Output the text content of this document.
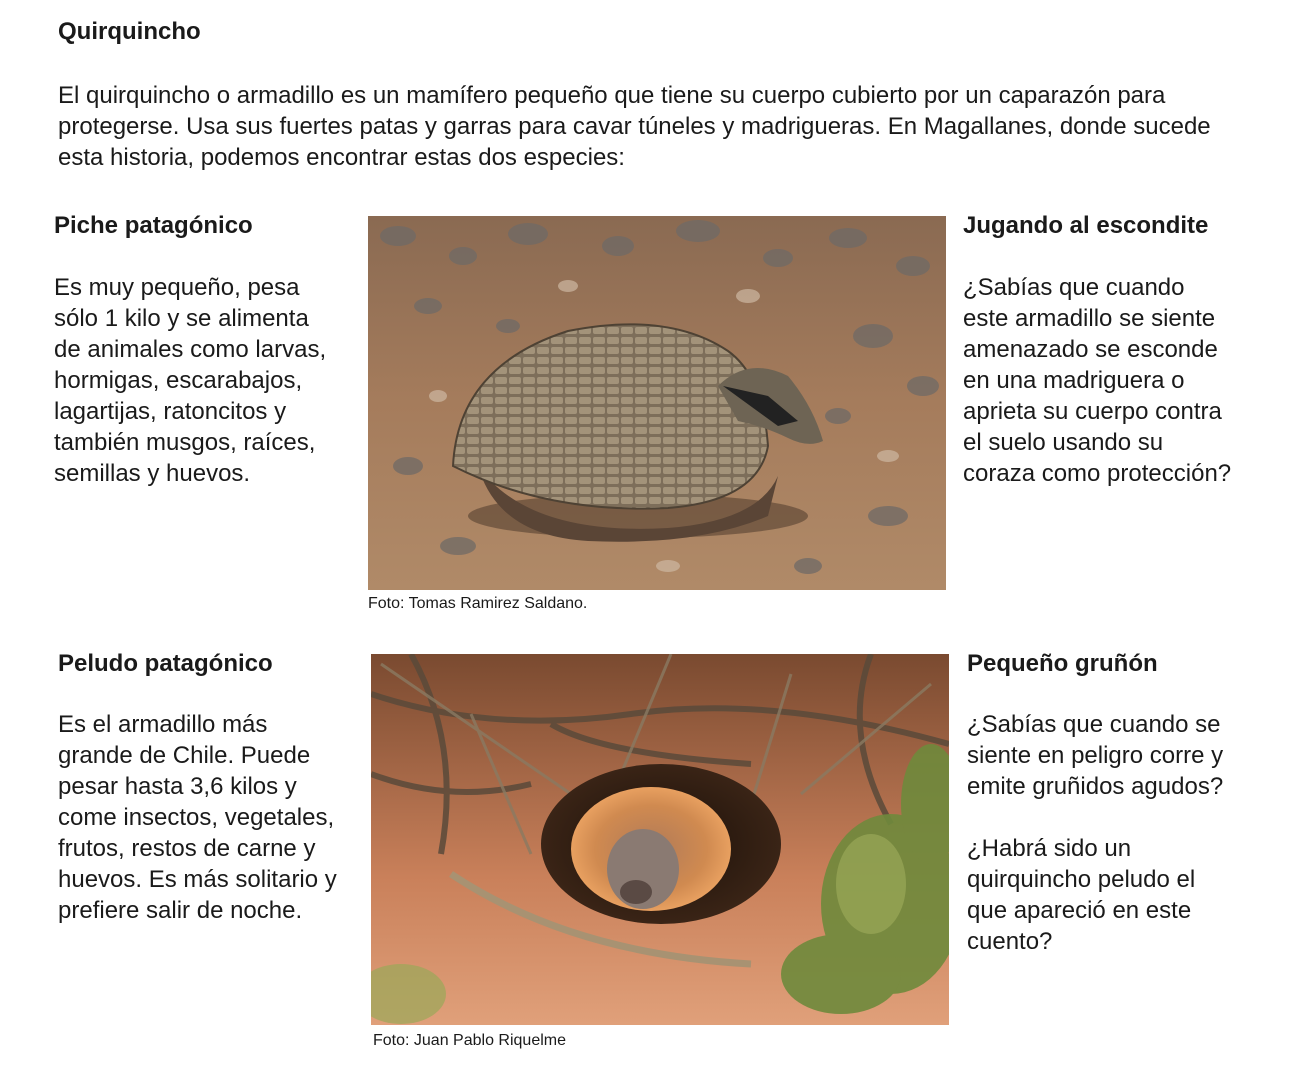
Quirquincho
El quirquincho o armadillo es un mamífero pequeño que tiene su cuerpo cubierto por un caparazón para protegerse. Usa sus fuertes patas y garras para cavar túneles y madrigueras. En Magallanes, donde sucede esta historia, podemos encontrar estas dos especies:
Piche patagónico
Es muy pequeño, pesa
sólo 1 kilo y se alimenta
de animales como larvas,
hormigas, escarabajos,
lagartijas, ratoncitos y
también musgos, raíces,
semillas y huevos.
Foto: Tomas Ramirez Saldano.
Jugando al escondite
¿Sabías que cuando
este armadillo se siente
amenazado se esconde
en una madriguera o
aprieta su cuerpo contra
el suelo usando su
coraza como protección?
Peludo patagónico
Es el armadillo más
grande de Chile. Puede
pesar hasta 3,6 kilos y
come insectos, vegetales,
frutos, restos de carne y
huevos. Es más solitario y
prefiere salir de noche.
Foto: Juan Pablo Riquelme
Pequeño gruñón
¿Sabías que cuando se
siente en peligro corre y
emite gruñidos agudos?

¿Habrá sido un
quirquincho peludo el
que apareció en este
cuento?
